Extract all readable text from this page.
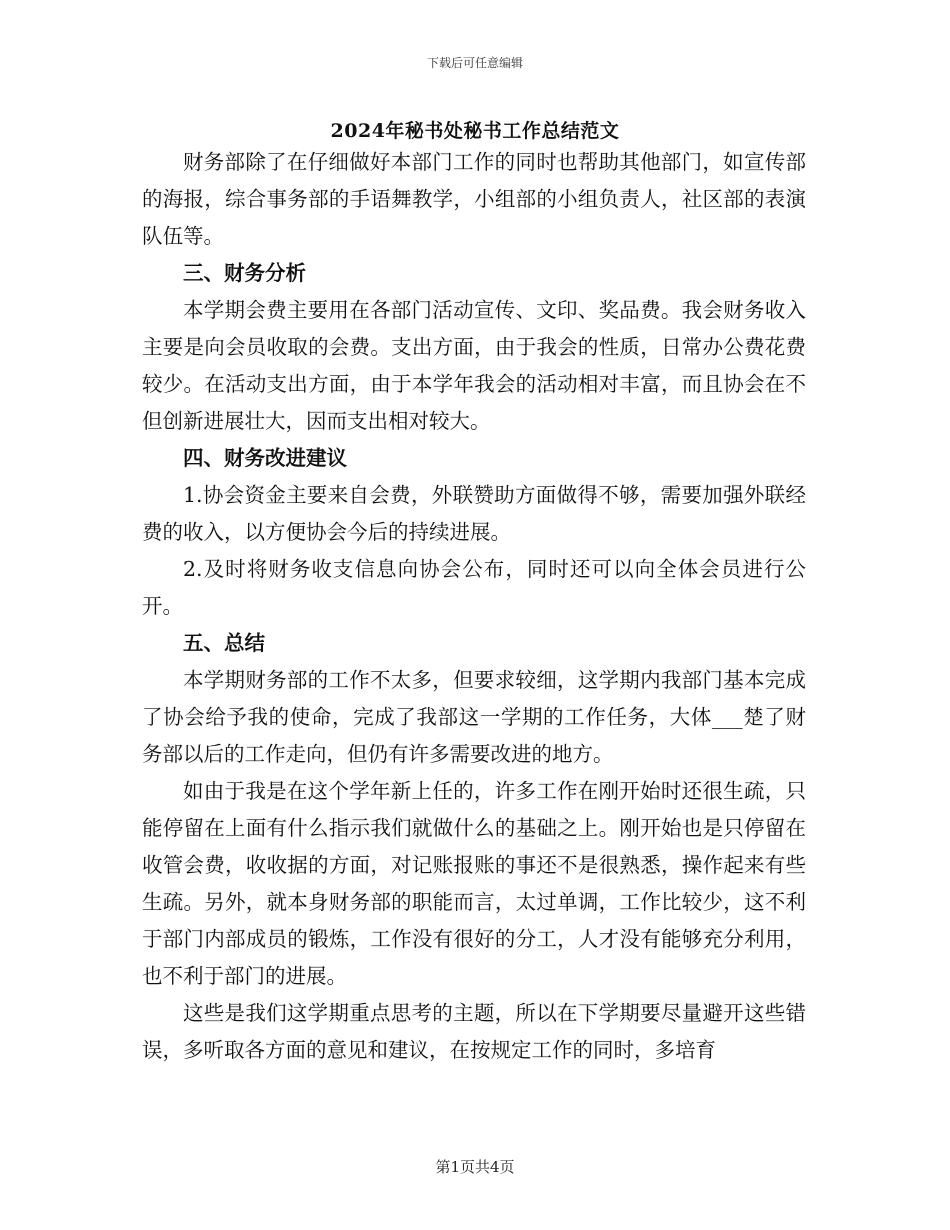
下载后可任意编辑
2024年秘书处秘书工作总结范文

财务部除了在仔细做好本部门工作的同时也帮助其他部门，如宣传部的海报，综合事务部的手语舞教学，小组部的小组负责人，社区部的表演队伍等。

三、财务分析

本学期会费主要用在各部门活动宣传、文印、奖品费。我会财务收入主要是向会员收取的会费。支出方面，由于我会的性质，日常办公费花费较少。在活动支出方面，由于本学年我会的活动相对丰富，而且协会在不但创新进展壮大，因而支出相对较大。

四、财务改进建议

1.协会资金主要来自会费，外联赞助方面做得不够，需要加强外联经费的收入，以方便协会今后的持续进展。

2.及时将财务收支信息向协会公布，同时还可以向全体会员进行公开。

五、总结

本学期财务部的工作不太多，但要求较细，这学期内我部门基本完成了协会给予我的使命，完成了我部这一学期的工作任务，大体___楚了财务部以后的工作走向，但仍有许多需要改进的地方。

如由于我是在这个学年新上任的，许多工作在刚开始时还很生疏，只能停留在上面有什么指示我们就做什么的基础之上。刚开始也是只停留在收管会费，收收据的方面，对记账报账的事还不是很熟悉，操作起来有些生疏。另外，就本身财务部的职能而言，太过单调，工作比较少，这不利于部门内部成员的锻炼，工作没有很好的分工，人才没有能够充分利用，也不利于部门的进展。

这些是我们这学期重点思考的主题，所以在下学期要尽量避开这些错误，多听取各方面的意见和建议，在按规定工作的同时，多培育

第1页共4页
